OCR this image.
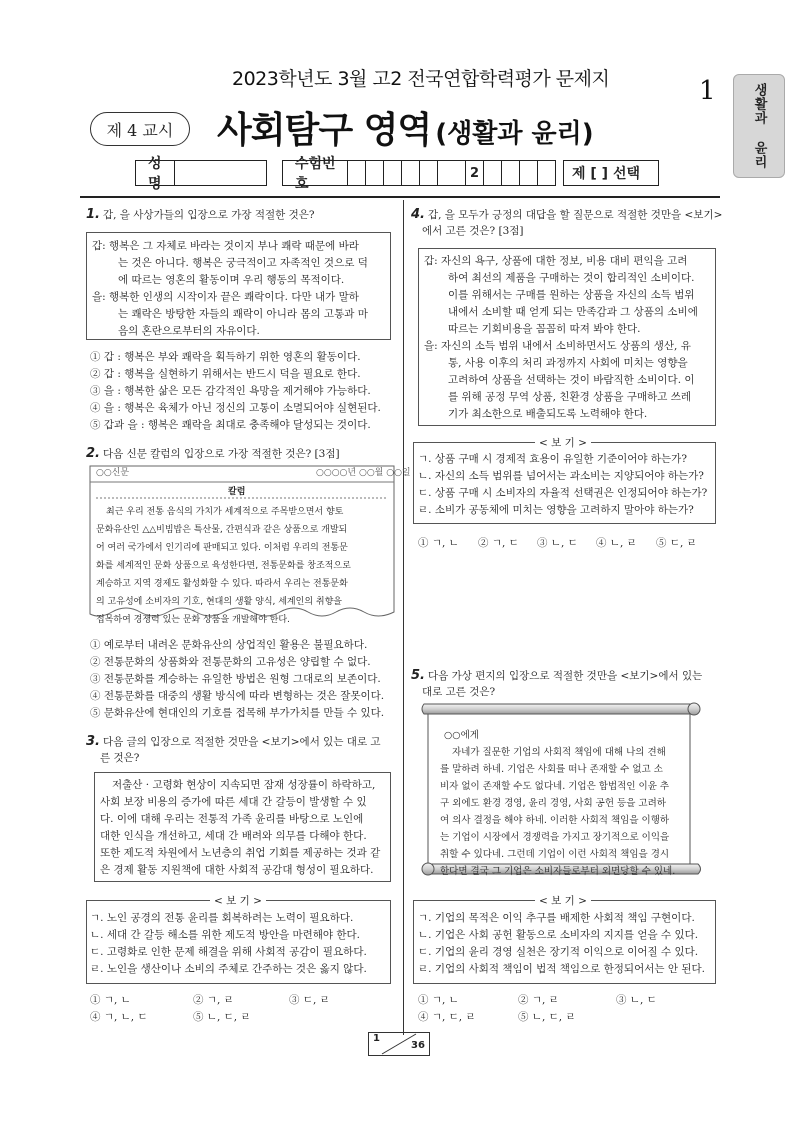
2023학년도 3월 고2 전국연합학력평가 문제지	1	생활과 윤리
제 4 교시	사회탐구 영역 (생활과 윤리)
성명
수험번호
2	제 [ ] 선택
1. 갑, 을 사상가들의 입장으로 가장 적절한 것은?
갑: 행복은 그 자체로 바라는 것이지 부나 쾌락 때문에 바라
는 것은 아니다. 행복은 궁극적이고 자족적인 것으로 덕
에 따르는 영혼의 활동이며 우리 행동의 목적이다.
을: 행복한 인생의 시작이자 끝은 쾌락이다. 다만 내가 말하
는 쾌락은 방탕한 자들의 쾌락이 아니라 몸의 고통과 마
음의 혼란으로부터의 자유이다.
① 갑 : 행복은 부와 쾌락을 획득하기 위한 영혼의 활동이다.
② 갑 : 행복을 실현하기 위해서는 반드시 덕을 필요로 한다.
③ 을 : 행복한 삶은 모든 감각적인 욕망을 제거해야 가능하다.
④ 을 : 행복은 육체가 아닌 정신의 고통이 소멸되어야 실현된다.
⑤ 갑과 을 : 행복은 쾌락을 최대로 충족해야 달성되는 것이다.
2. 다음 신문 칼럼의 입장으로 가장 적절한 것은? [3점]
○○신문	○○○○년 ○○월 ○○일
칼럼
최근 우리 전통 음식의 가치가 세계적으로 주목받으면서 향토
문화유산인 △△비빔밥은 특산물, 간편식과 같은 상품으로 개발되
어 여러 국가에서 인기리에 판매되고 있다. 이처럼 우리의 전통문
화를 세계적인 문화 상품으로 육성한다면, 전통문화를 창조적으로
계승하고 지역 경제도 활성화할 수 있다. 따라서 우리는 전통문화
의 고유성에 소비자의 기호, 현대의 생활 양식, 세계인의 취향을
접목하여 경쟁력 있는 문화 상품을 개발해야 한다.
① 예로부터 내려온 문화유산의 상업적인 활용은 불필요하다.
② 전통문화의 상품화와 전통문화의 고유성은 양립할 수 없다.
③ 전통문화를 계승하는 유일한 방법은 원형 그대로의 보존이다.
④ 전통문화를 대중의 생활 방식에 따라 변형하는 것은 잘못이다.
⑤ 문화유산에 현대인의 기호를 접목해 부가가치를 만들 수 있다.
3. 다음 글의 입장으로 적절한 것만을 <보기>에서 있는 대로 고
른 것은?
저출산 · 고령화 현상이 지속되면 잠재 성장률이 하락하고,
사회 보장 비용의 증가에 따른 세대 간 갈등이 발생할 수 있
다. 이에 대해 우리는 전통적 가족 윤리를 바탕으로 노인에
대한 인식을 개선하고, 세대 간 배려와 의무를 다해야 한다.
또한 제도적 차원에서 노년층의 취업 기회를 제공하는 것과 같
은 경제 활동 지원책에 대한 사회적 공감대 형성이 필요하다.
< 보 기 >
ㄱ. 노인 공경의 전통 윤리를 회복하려는 노력이 필요하다.
ㄴ. 세대 간 갈등 해소를 위한 제도적 방안을 마련해야 한다.
ㄷ. 고령화로 인한 문제 해결을 위해 사회적 공감이 필요하다.
ㄹ. 노인을 생산이나 소비의 주체로 간주하는 것은 옳지 않다.
① ㄱ, ㄴ	② ㄱ, ㄹ	③ ㄷ, ㄹ
④ ㄱ, ㄴ, ㄷ	⑤ ㄴ, ㄷ, ㄹ
4. 갑, 을 모두가 긍정의 대답을 할 질문으로 적절한 것만을 <보기>
에서 고른 것은? [3점]
갑: 자신의 욕구, 상품에 대한 정보, 비용 대비 편익을 고려
하여 최선의 제품을 구매하는 것이 합리적인 소비이다.
이를 위해서는 구매를 원하는 상품을 자신의 소득 범위
내에서 소비할 때 얻게 되는 만족감과 그 상품의 소비에
따르는 기회비용을 꼼꼼히 따져 봐야 한다.
을: 자신의 소득 범위 내에서 소비하면서도 상품의 생산, 유
통, 사용 이후의 처리 과정까지 사회에 미치는 영향을
고려하여 상품을 선택하는 것이 바람직한 소비이다. 이
를 위해 공정 무역 상품, 친환경 상품을 구매하고 쓰레
기가 최소한으로 배출되도록 노력해야 한다.
< 보 기 >
ㄱ. 상품 구매 시 경제적 효용이 유일한 기준이어야 하는가?
ㄴ. 자신의 소득 범위를 넘어서는 과소비는 지양되어야 하는가?
ㄷ. 상품 구매 시 소비자의 자율적 선택권은 인정되어야 하는가?
ㄹ. 소비가 공동체에 미치는 영향을 고려하지 말아야 하는가?
① ㄱ, ㄴ ② ㄱ, ㄷ ③ ㄴ, ㄷ ④ ㄴ, ㄹ ⑤ ㄷ, ㄹ
5. 다음 가상 편지의 입장으로 적절한 것만을 <보기>에서 있는
대로 고른 것은?
○○에게
자네가 질문한 기업의 사회적 책임에 대해 나의 견해
를 말하려 하네. 기업은 사회를 떠나 존재할 수 없고 소
비자 없이 존재할 수도 없다네. 기업은 합법적인 이윤 추
구 외에도 환경 경영, 윤리 경영, 사회 공헌 등을 고려하
여 의사 결정을 해야 하네. 이러한 사회적 책임을 이행하
는 기업이 시장에서 경쟁력을 가지고 장기적으로 이익을
취할 수 있다네. 그런데 기업이 이런 사회적 책임을 경시
한다면 결국 그 기업은 소비자들로부터 외면당할 수 있네.
< 보 기 >
ㄱ. 기업의 목적은 이익 추구를 배제한 사회적 책임 구현이다.
ㄴ. 기업은 사회 공헌 활동으로 소비자의 지지를 얻을 수 있다.
ㄷ. 기업의 윤리 경영 실천은 장기적 이익으로 이어질 수 있다.
ㄹ. 기업의 사회적 책임이 법적 책임으로 한정되어서는 안 된다.
① ㄱ, ㄴ	② ㄱ, ㄹ	③ ㄴ, ㄷ
④ ㄱ, ㄷ, ㄹ	⑤ ㄴ, ㄷ, ㄹ
1
36
